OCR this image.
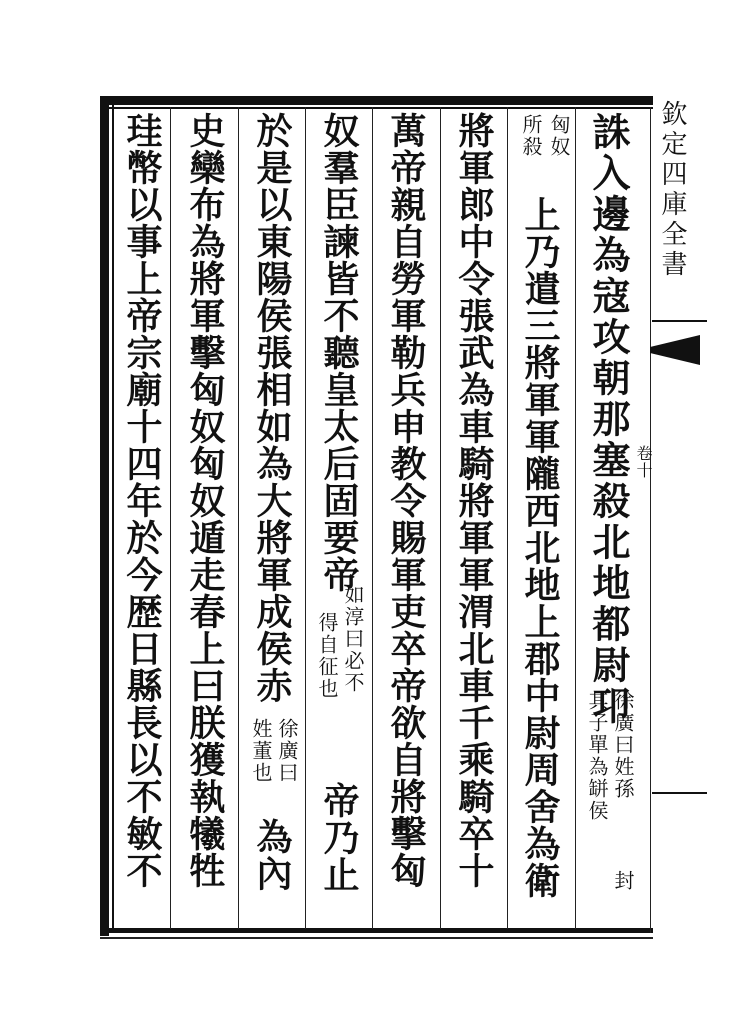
欽定四庫全書
卷十
誅入邊為寇攻朝那塞殺北地都尉卭
徐廣曰姓孫
其子單為缾侯
封
匈奴
所殺
上乃遣三將軍軍隴西北地上郡中尉周舍為衛
將軍郎中令張武為車騎將軍軍渭北車千乘騎卒十
萬帝親自勞軍勒兵申教令賜軍吏卒帝欲自將擊匈
奴羣臣諫皆不聽皇太后固要帝
如淳曰必不
得自征也
帝乃止
於是以東陽侯張相如為大將軍成侯赤
徐廣曰
姓董也
為內
史欒布為將軍擊匈奴匈奴遁走春上曰朕獲執犧牲
珪幣以事上帝宗廟十四年於今歴日縣長以不敏不
